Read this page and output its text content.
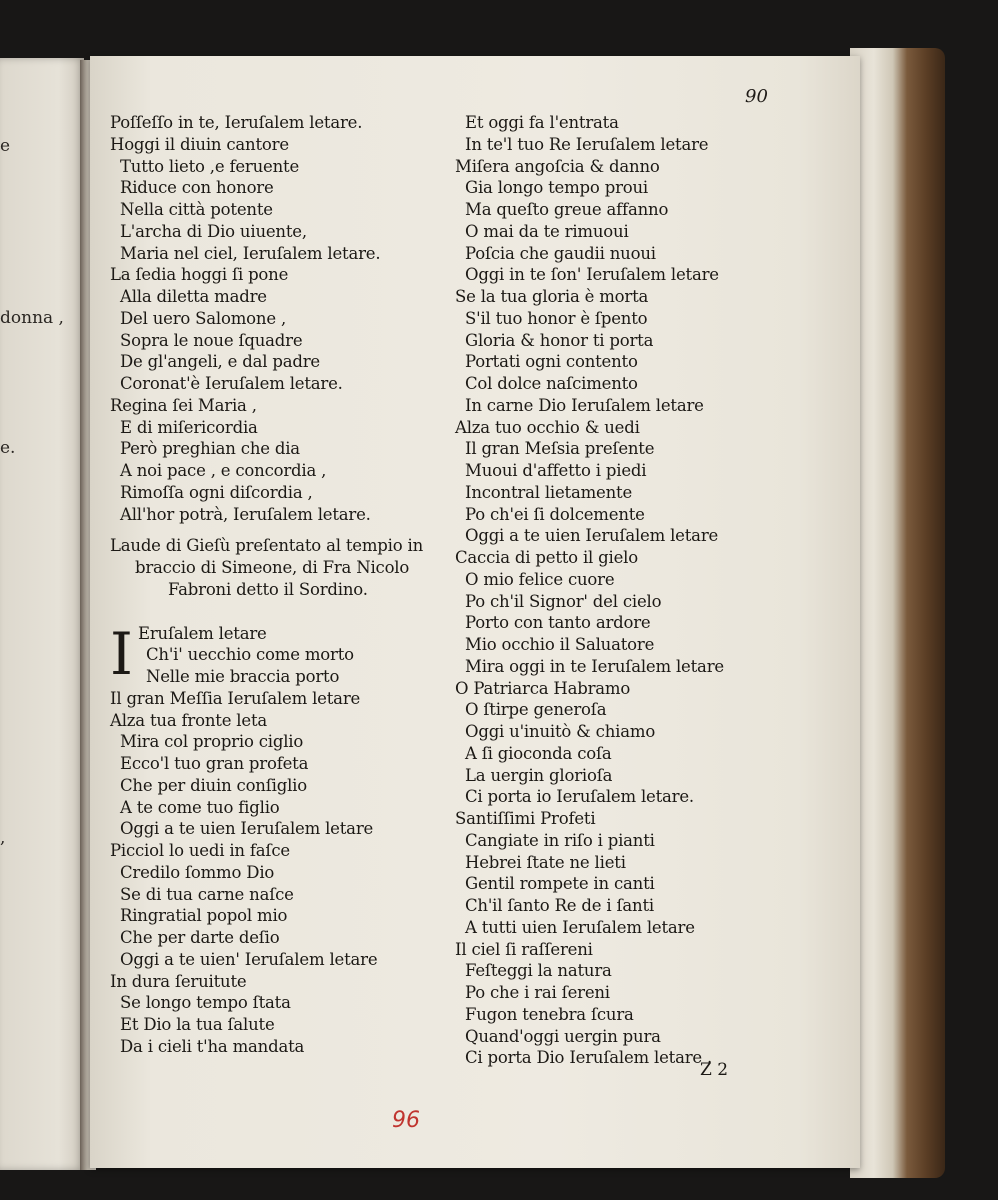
e
donna ,
e.
,
90
Poſſeſſo in te, Ieruſalem letare.
Hoggi il diuin cantore
Tutto lieto ,e feruente
Riduce con honore
Nella città potente
L'archa di Dio uiuente,
Maria nel ciel, Ieruſalem letare.
La ſedia hoggi ſi pone
Alla diletta madre
Del uero Salomone ,
Sopra le noue ſquadre
De gl'angeli, e dal padre
Coronat'è Ieruſalem letare.
Regina ſei Maria ,
E di miſericordia
Però preghian che dia
A noi pace , e concordia ,
Rimoſſa ogni diſcordia ,
All'hor potrà, Ieruſalem letare.
Laude di Gieſù preſentato al tempio in
braccio di Simeone, di Fra Nicolo
Fabroni detto il Sordino.
I Eruſalem letare
Ch'i' uecchio come morto
Nelle mie braccia porto
Il gran Meſſia Ieruſalem letare
Alza tua fronte leta
Mira col proprio ciglio
Ecco'l tuo gran profeta
Che per diuin conſiglio
A te come tuo figlio
Oggi a te uien Ieruſalem letare
Picciol lo uedi in faſce
Credilo ſommo Dio
Se di tua carne naſce
Ringratial popol mio
Che per darte deſio
Oggi a te uien' Ieruſalem letare
In dura ſeruitute
Se longo tempo ſtata
Et Dio la tua ſalute
Da i cieli t'ha mandata
Et oggi fa l'entrata
In te'l tuo Re Ieruſalem letare
Miſera angoſcia & danno
Gia longo tempo proui
Ma queſto greue affanno
O mai da te rimuoui
Poſcia che gaudii nuoui
Oggi in te ſon' Ieruſalem letare
Se la tua gloria è morta
S'il tuo honor è ſpento
Gloria & honor ti porta
Portati ogni contento
Col dolce naſcimento
In carne Dio Ieruſalem letare
Alza tuo occhio & uedi
Il gran Meſsia preſente
Muoui d'affetto i piedi
Incontral lietamente
Po ch'ei ſi dolcemente
Oggi a te uien Ieruſalem letare
Caccia di petto il gielo
O mio felice cuore
Po ch'il Signor' del cielo
Porto con tanto ardore
Mio occhio il Saluatore
Mira oggi in te Ieruſalem letare
O Patriarca Habramo
O ſtirpe generoſa
Oggi u'inuitò & chiamo
A ſi gioconda coſa
La uergin glorioſa
Ci porta io Ieruſalem letare.
Santiſſimi Profeti
Cangiate in riſo i pianti
Hebrei ſtate ne lieti
Gentil rompete in canti
Ch'il ſanto Re de i ſanti
A tutti uien Ieruſalem letare
Il ciel ſi raſſereni
Feſteggi la natura
Po che i rai ſereni
Fugon tenebra ſcura
Quand'oggi uergin pura
Ci porta Dio Ieruſalem letare .
Z 2
96
